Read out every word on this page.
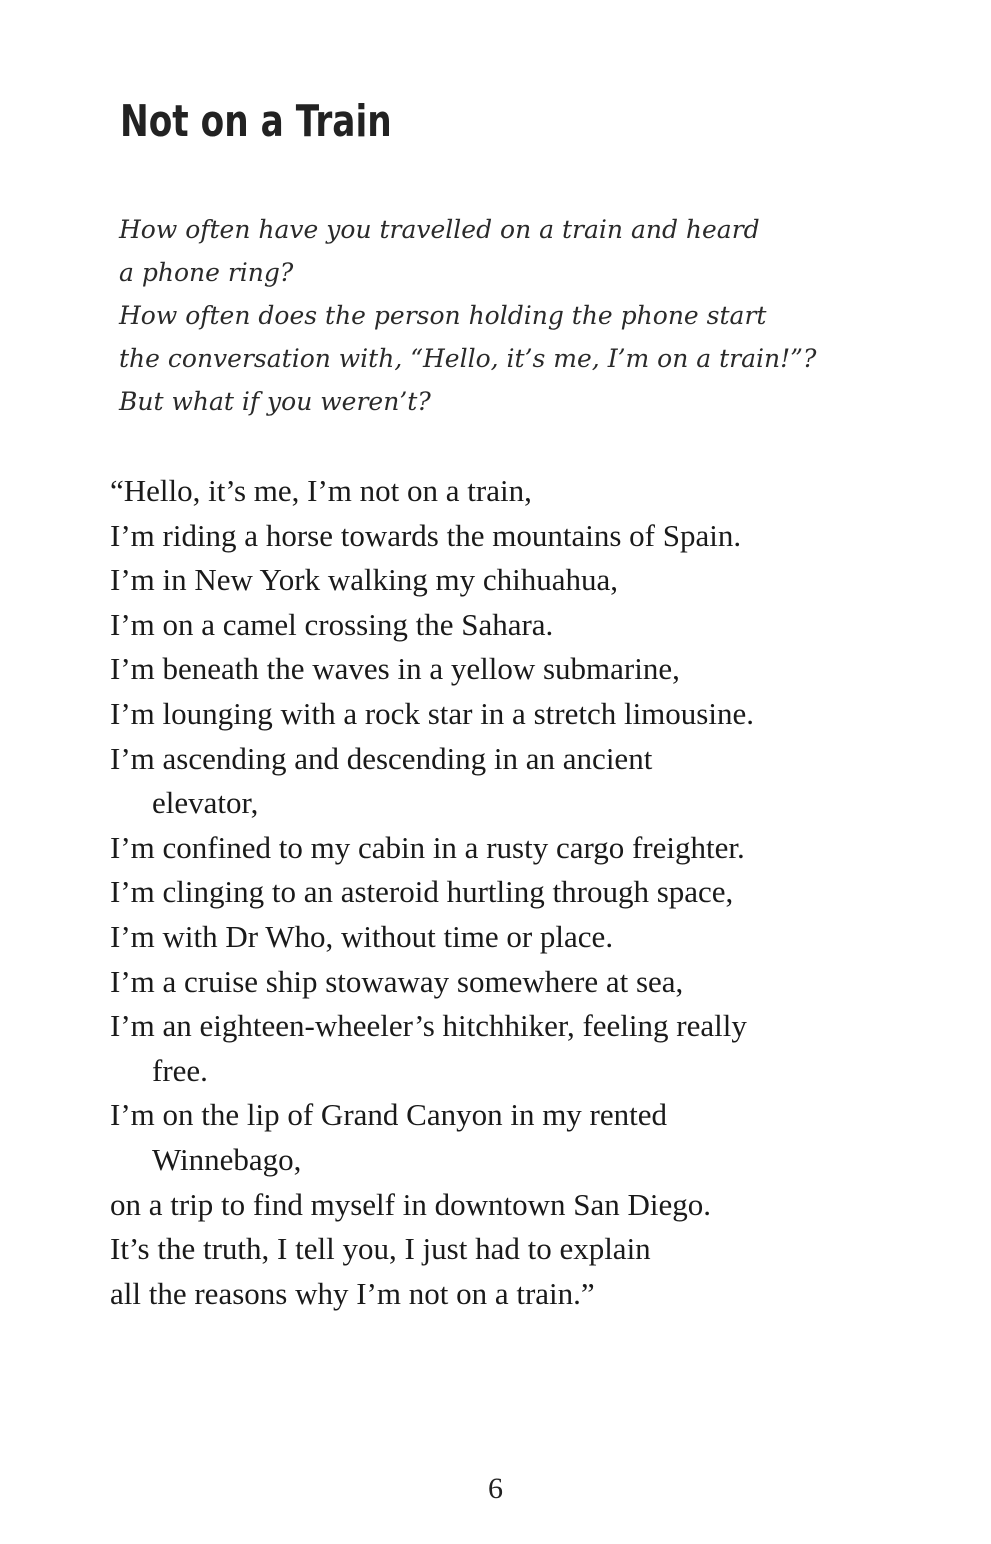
Not on a Train
How often have you travelled on a train and heard
a phone ring?
How often does the person holding the phone start
the conversation with, “Hello, it’s me, I’m on a train!”?
But what if you weren’t?
“Hello, it’s me, I’m not on a train,
I’m riding a horse towards the mountains of Spain.
I’m in New York walking my chihuahua,
I’m on a camel crossing the Sahara.
I’m beneath the waves in a yellow submarine,
I’m lounging with a rock star in a stretch limousine.
I’m ascending and descending in an ancient
elevator,
I’m confined to my cabin in a rusty cargo freighter.
I’m clinging to an asteroid hurtling through space,
I’m with Dr Who, without time or place.
I’m a cruise ship stowaway somewhere at sea,
I’m an eighteen-wheeler’s hitchhiker, feeling really
free.
I’m on the lip of Grand Canyon in my rented
Winnebago,
on a trip to find myself in downtown San Diego.
It’s the truth, I tell you, I just had to explain
all the reasons why I’m not on a train.”
6
